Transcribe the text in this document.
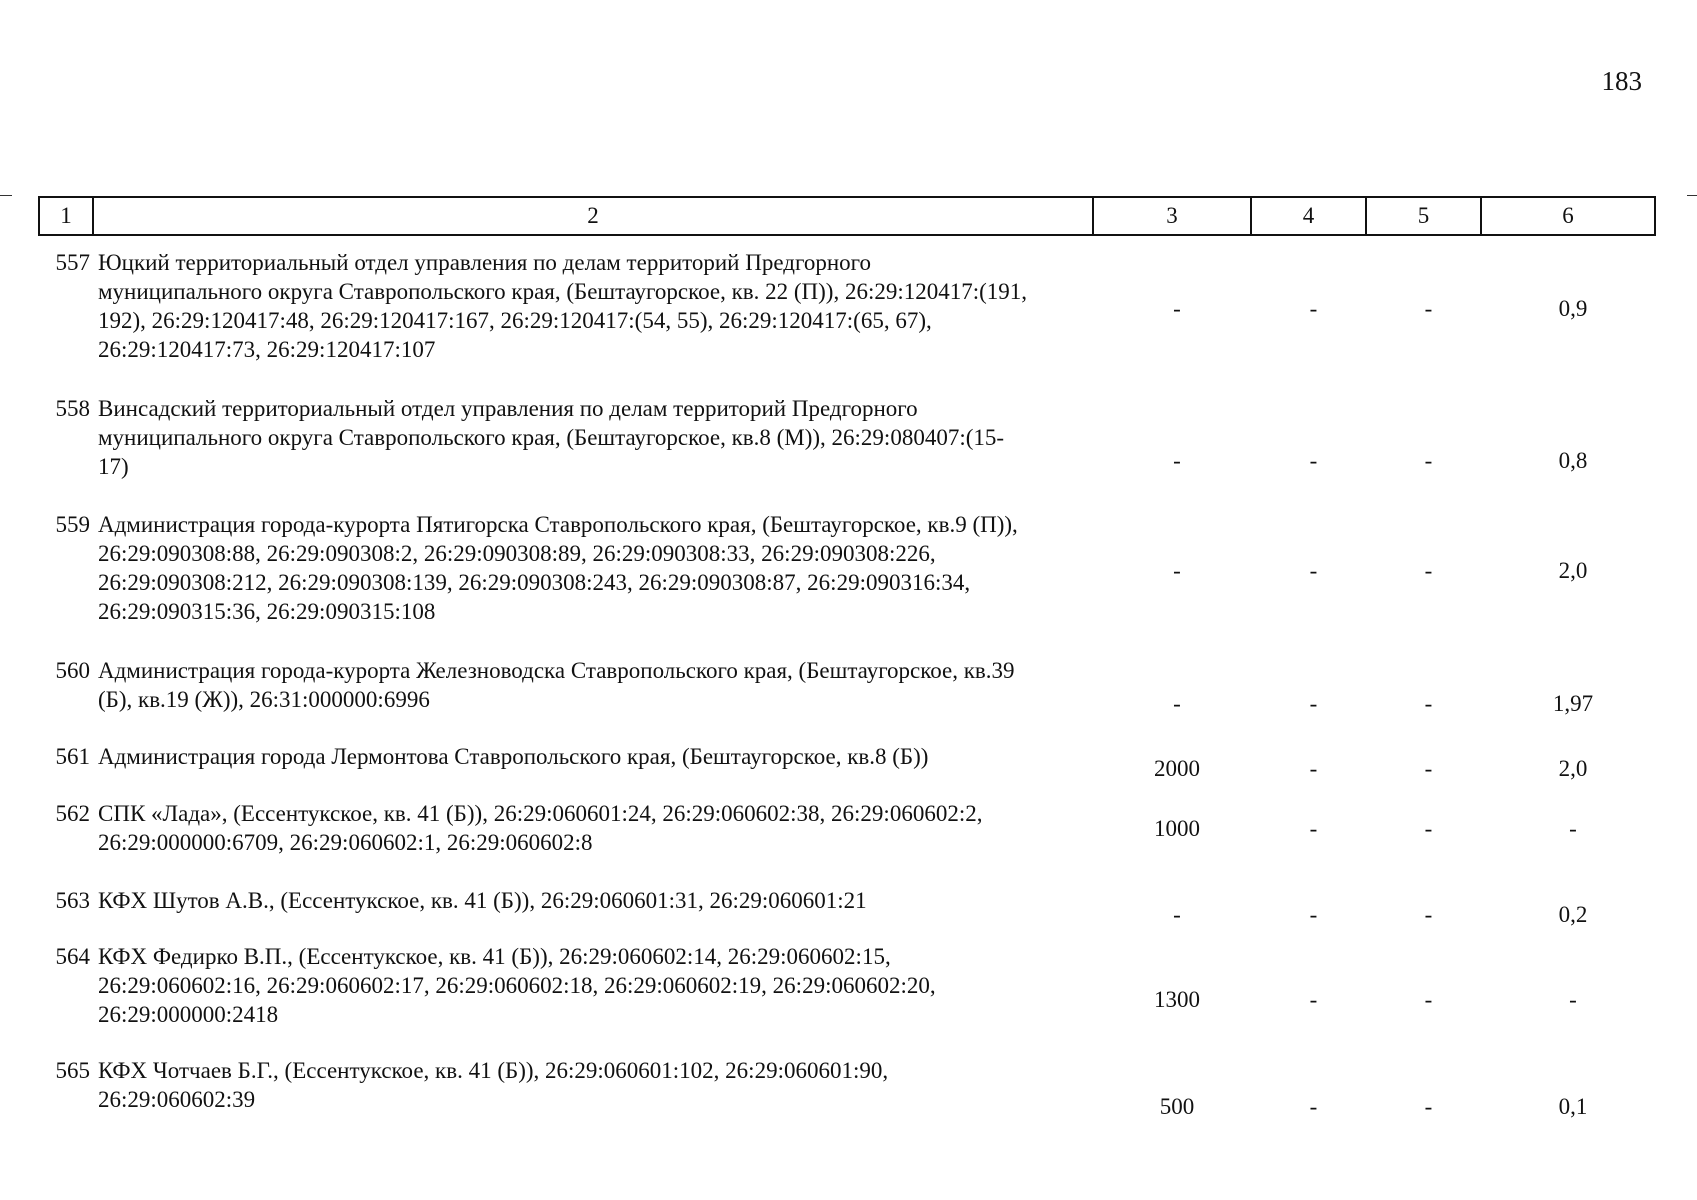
183
1	2	3	4	5	6
557 Юцкий территориальный отдел управления по делам территорий Предгорного
муниципального округа Ставропольского края, (Бештаугорское, кв. 22 (П)), 26:29:120417:(191,
192), 26:29:120417:48, 26:29:120417:167, 26:29:120417:(54, 55), 26:29:120417:(65, 67),
26:29:120417:73, 26:29:120417:107
-	-	-	0,9
558 Винсадский территориальный отдел управления по делам территорий Предгорного
муниципального округа Ставропольского края, (Бештаугорское, кв.8 (М)), 26:29:080407:(15-
17)	-	-	-	0,8
559 Администрация города-курорта Пятигорска Ставропольского края, (Бештаугорское, кв.9 (П)),
26:29:090308:88, 26:29:090308:2, 26:29:090308:89, 26:29:090308:33, 26:29:090308:226,
26:29:090308:212, 26:29:090308:139, 26:29:090308:243, 26:29:090308:87, 26:29:090316:34,
26:29:090315:36, 26:29:090315:108
-	-	-	2,0
560 Администрация города-курорта Железноводска Ставропольского края, (Бештаугорское, кв.39
(Б), кв.19 (Ж)), 26:31:000000:6996	-	-	-	1,97
561 Администрация города Лермонтова Ставропольского края, (Бештаугорское, кв.8 (Б))	2000	-	-	2,0
562 СПК «Лада», (Ессентукское, кв. 41 (Б)), 26:29:060601:24, 26:29:060602:38, 26:29:060602:2,
26:29:000000:6709, 26:29:060602:1, 26:29:060602:8
1000	-	-	-
563 КФХ Шутов А.В., (Ессентукское, кв. 41 (Б)), 26:29:060601:31, 26:29:060601:21
-	-	-	0,2
564 КФХ Федирко В.П., (Ессентукское, кв. 41 (Б)), 26:29:060602:14, 26:29:060602:15,
26:29:060602:16, 26:29:060602:17, 26:29:060602:18, 26:29:060602:19, 26:29:060602:20,
26:29:000000:2418
1300	-	-	-
565 КФХ Чотчаев Б.Г., (Ессентукское, кв. 41 (Б)), 26:29:060601:102, 26:29:060601:90,
26:29:060602:39	500	-	-	0,1
